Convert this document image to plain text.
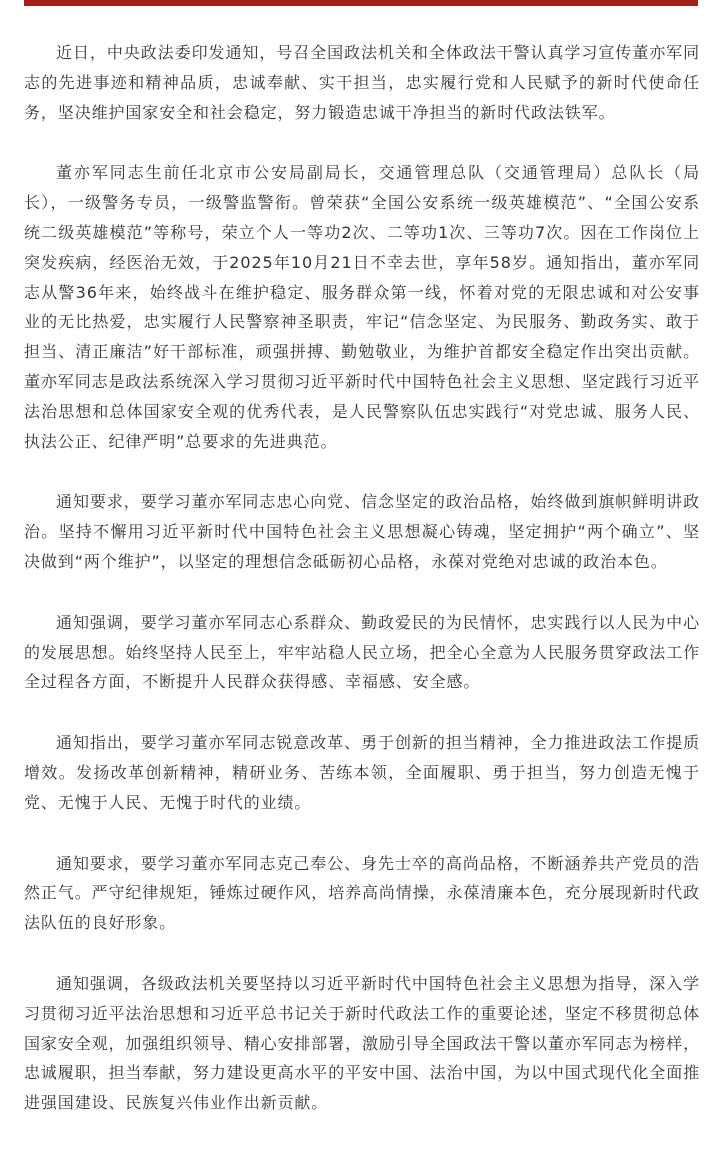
近日，中央政法委印发通知，号召全国政法机关和全体政法干警认真学习宣传董亦军同志的先进事迹和精神品质，忠诚奉献、实干担当，忠实履行党和人民赋予的新时代使命任务，坚决维护国家安全和社会稳定，努力锻造忠诚干净担当的新时代政法铁军。

董亦军同志生前任北京市公安局副局长，交通管理总队（交通管理局）总队长（局长），一级警务专员，一级警监警衔。曾荣获“全国公安系统一级英雄模范”、“全国公安系统二级英雄模范”等称号，荣立个人一等功2次、二等功1次、三等功7次。因在工作岗位上突发疾病，经医治无效，于2025年10月21日不幸去世，享年58岁。通知指出，董亦军同志从警36年来，始终战斗在维护稳定、服务群众第一线，怀着对党的无限忠诚和对公安事业的无比热爱，忠实履行人民警察神圣职责，牢记“信念坚定、为民服务、勤政务实、敢于担当、清正廉洁”好干部标准，顽强拼搏、勤勉敬业，为维护首都安全稳定作出突出贡献。董亦军同志是政法系统深入学习贯彻习近平新时代中国特色社会主义思想、坚定践行习近平法治思想和总体国家安全观的优秀代表，是人民警察队伍忠实践行“对党忠诚、服务人民、执法公正、纪律严明”总要求的先进典范。

通知要求，要学习董亦军同志忠心向党、信念坚定的政治品格，始终做到旗帜鲜明讲政治。坚持不懈用习近平新时代中国特色社会主义思想凝心铸魂，坚定拥护“两个确立”、坚决做到“两个维护”，以坚定的理想信念砥砺初心品格，永葆对党绝对忠诚的政治本色。

通知强调，要学习董亦军同志心系群众、勤政爱民的为民情怀，忠实践行以人民为中心的发展思想。始终坚持人民至上，牢牢站稳人民立场，把全心全意为人民服务贯穿政法工作全过程各方面，不断提升人民群众获得感、幸福感、安全感。

通知指出，要学习董亦军同志锐意改革、勇于创新的担当精神，全力推进政法工作提质增效。发扬改革创新精神，精研业务、苦练本领，全面履职、勇于担当，努力创造无愧于党、无愧于人民、无愧于时代的业绩。

通知要求，要学习董亦军同志克己奉公、身先士卒的高尚品格，不断涵养共产党员的浩然正气。严守纪律规矩，锤炼过硬作风，培养高尚情操，永葆清廉本色，充分展现新时代政法队伍的良好形象。

通知强调，各级政法机关要坚持以习近平新时代中国特色社会主义思想为指导，深入学习贯彻习近平法治思想和习近平总书记关于新时代政法工作的重要论述，坚定不移贯彻总体国家安全观，加强组织领导、精心安排部署，激励引导全国政法干警以董亦军同志为榜样，忠诚履职，担当奉献，努力建设更高水平的平安中国、法治中国，为以中国式现代化全面推进强国建设、民族复兴伟业作出新贡献。
